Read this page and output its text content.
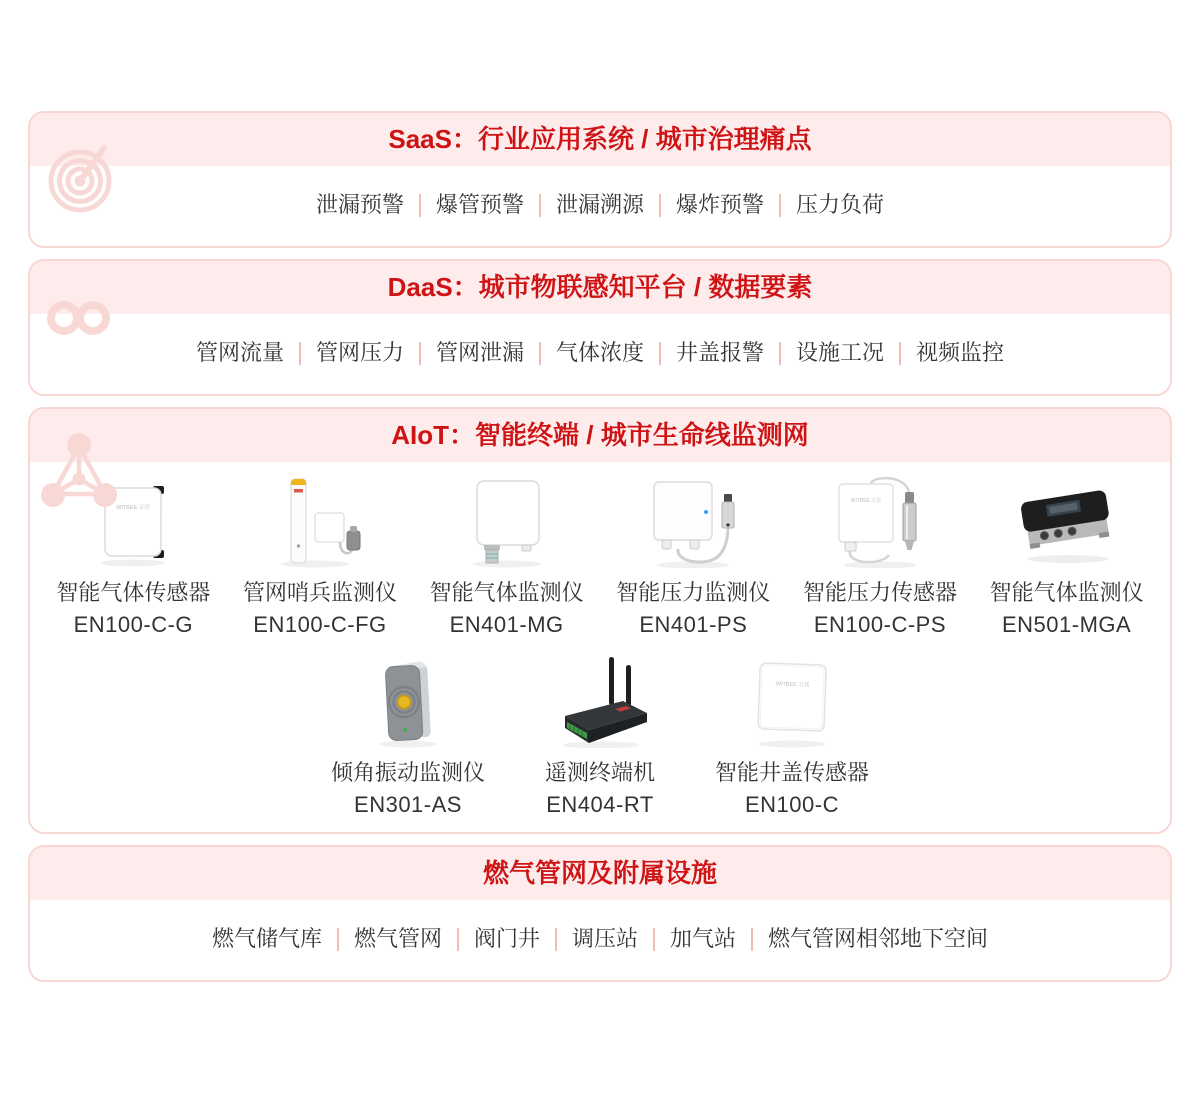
SaaS：行业应用系统 / 城市治理痛点
泄漏预警	爆管预警	泄漏溯源	爆炸预警	压力负荷
DaaS：城市物联感知平台 / 数据要素
管网流量	管网压力	管网泄漏	气体浓度	井盖报警	设施工况	视频监控
AIoT：智能终端 / 城市生命线监测网
WITBEE 万宾
智能气体传感器
EN100-C-G
管网哨兵监测仪
EN100-C-FG
智能气体监测仪
EN401-MG
智能压力监测仪
EN401-PS
WITBEE 万宾
智能压力传感器
EN100-C-PS
智能气体监测仪
EN501-MGA
倾角振动监测仪
EN301-AS
遥测终端机
EN404-RT
WITBEE 万宾
智能井盖传感器
EN100-C
燃气管网及附属设施
燃气储气库	燃气管网	阀门井	调压站	加气站	燃气管网相邻地下空间
